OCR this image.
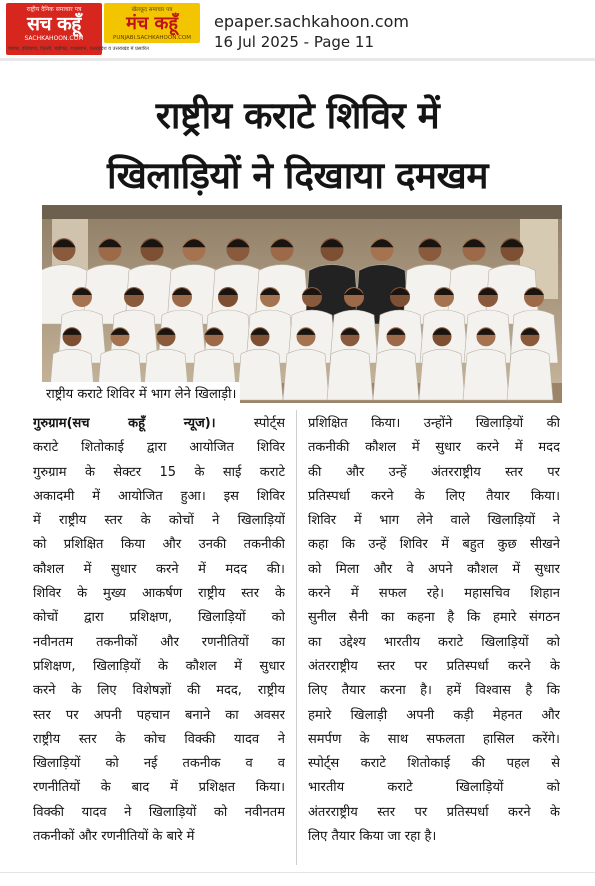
राष्ट्रीय दैनिक समाचार पत्र
सच कहूँ
SACHKAHOON.COM
खेलकूद समाचार पत्र
मंच कहूँ
PUNJABI.SACHKAHOON.COM
पंजाब, हरियाणा, दिल्ली, चंडीगढ़, राजस्थान, उत्तरप्रदेश व उत्तराखंड में प्रसारित
epaper.sachkahoon.com
16 Jul 2025 - Page 11
राष्ट्रीय कराटे शिविर में
खिलाड़ियों ने दिखाया दमखम
राष्ट्रीय कराटे शिविर में भाग लेने खिलाड़ी।
गुरुग्राम(सच कहूँ न्यूज)। स्पोर्ट्स
कराटे शितोकाई द्वारा आयोजित शिविर
गुरुग्राम के सेक्टर 15 के साई कराटे
अकादमी में आयोजित हुआ। इस शिविर
में राष्ट्रीय स्तर के कोचों ने खिलाड़ियों
को प्रशिक्षित किया और उनकी तकनीकी
कौशल में सुधार करने में मदद की।
शिविर के मुख्य आकर्षण राष्ट्रीय स्तर के
कोचों द्वारा प्रशिक्षण, खिलाड़ियों को
नवीनतम तकनीकों और रणनीतियों का
प्रशिक्षण, खिलाड़ियों के कौशल में सुधार
करने के लिए विशेषज्ञों की मदद, राष्ट्रीय
स्तर पर अपनी पहचान बनाने का अवसर
राष्ट्रीय स्तर के कोच विक्की यादव ने
खिलाड़ियों को नई तकनीक व व
रणनीतियों के बाद में प्रशिक्षत किया।
विक्की यादव ने खिलाड़ियों को नवीनतम
तकनीकों और रणनीतियों के बारे में
प्रशिक्षित किया। उन्होंने खिलाड़ियों की
तकनीकी कौशल में सुधार करने में मदद
की और उन्हें अंतरराष्ट्रीय स्तर पर
प्रतिस्पर्धा करने के लिए तैयार किया।
शिविर में भाग लेने वाले खिलाड़ियों ने
कहा कि उन्हें शिविर में बहुत कुछ सीखने
को मिला और वे अपने कौशल में सुधार
करने में सफल रहे। महासचिव शिहान
सुनील सैनी का कहना है कि हमारे संगठन
का उद्देश्य भारतीय कराटे खिलाड़ियों को
अंतरराष्ट्रीय स्तर पर प्रतिस्पर्धा करने के
लिए तैयार करना है। हमें विश्वास है कि
हमारे खिलाड़ी अपनी कड़ी मेहनत और
समर्पण के साथ सफलता हासिल करेंगे।
स्पोर्ट्स कराटे शितोकाई की पहल से
भारतीय कराटे खिलाड़ियों को
अंतरराष्ट्रीय स्तर पर प्रतिस्पर्धा करने के
लिए तैयार किया जा रहा है।
